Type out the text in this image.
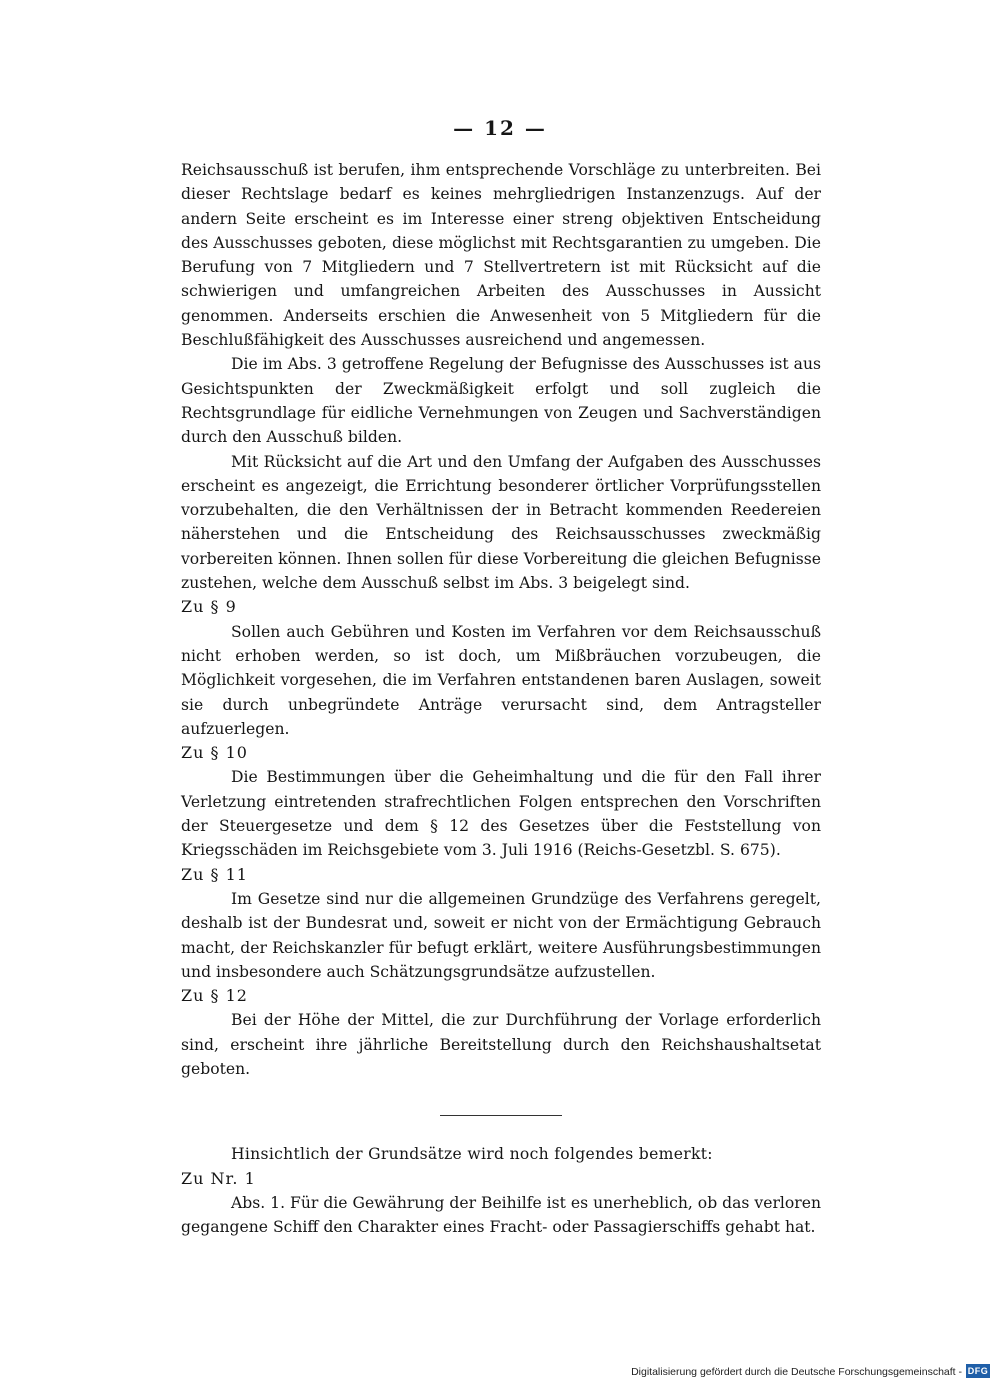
— 12 —

Reichsausschuß ist berufen, ihm entsprechende Vorschläge zu unterbreiten. Bei dieser Rechtslage bedarf es keines mehrgliedrigen Instanzenzugs. Auf der andern Seite erscheint es im Interesse einer streng objektiven Entscheidung des Ausschusses geboten, diese möglichst mit Rechtsgarantien zu umgeben. Die Berufung von 7 Mitgliedern und 7 Stellvertretern ist mit Rücksicht auf die schwierigen und umfangreichen Arbeiten des Ausschusses in Aussicht genommen. Anderseits erschien die Anwesenheit von 5 Mitgliedern für die Beschlußfähigkeit des Ausschusses ausreichend und angemessen.

Die im Abs. 3 getroffene Regelung der Befugnisse des Ausschusses ist aus Gesichtspunkten der Zweckmäßigkeit erfolgt und soll zugleich die Rechtsgrundlage für eidliche Vernehmungen von Zeugen und Sachverständigen durch den Ausschuß bilden.

Mit Rücksicht auf die Art und den Umfang der Aufgaben des Ausschusses erscheint es angezeigt, die Errichtung besonderer örtlicher Vorprüfungsstellen vorzubehalten, die den Verhältnissen der in Betracht kommenden Reedereien näherstehen und die Entscheidung des Reichsausschusses zweckmäßig vorbereiten können. Ihnen sollen für diese Vorbereitung die gleichen Befugnisse zustehen, welche dem Ausschuß selbst im Abs. 3 beigelegt sind.

Zu § 9

Sollen auch Gebühren und Kosten im Verfahren vor dem Reichsausschuß nicht erhoben werden, so ist doch, um Mißbräuchen vorzubeugen, die Möglichkeit vorgesehen, die im Verfahren entstandenen baren Auslagen, soweit sie durch unbegründete Anträge verursacht sind, dem Antragsteller aufzuerlegen.

Zu § 10

Die Bestimmungen über die Geheimhaltung und die für den Fall ihrer Verletzung eintretenden strafrechtlichen Folgen entsprechen den Vorschriften der Steuergesetze und dem § 12 des Gesetzes über die Feststellung von Kriegsschäden im Reichsgebiete vom 3. Juli 1916 (Reichs-Gesetzbl. S. 675).

Zu § 11

Im Gesetze sind nur die allgemeinen Grundzüge des Verfahrens geregelt, deshalb ist der Bundesrat und, soweit er nicht von der Ermächtigung Gebrauch macht, der Reichskanzler für befugt erklärt, weitere Ausführungsbestimmungen und insbesondere auch Schätzungsgrundsätze aufzustellen.

Zu § 12

Bei der Höhe der Mittel, die zur Durchführung der Vorlage erforderlich sind, erscheint ihre jährliche Bereitstellung durch den Reichshaushaltsetat geboten.

Hinsichtlich der Grundsätze wird noch folgendes bemerkt:

Zu Nr. 1

Abs. 1. Für die Gewährung der Beihilfe ist es unerheblich, ob das verloren gegangene Schiff den Charakter eines Fracht- oder Passagierschiffs gehabt hat.

Digitalisierung gefördert durch die Deutsche Forschungsgemeinschaft - DFG
